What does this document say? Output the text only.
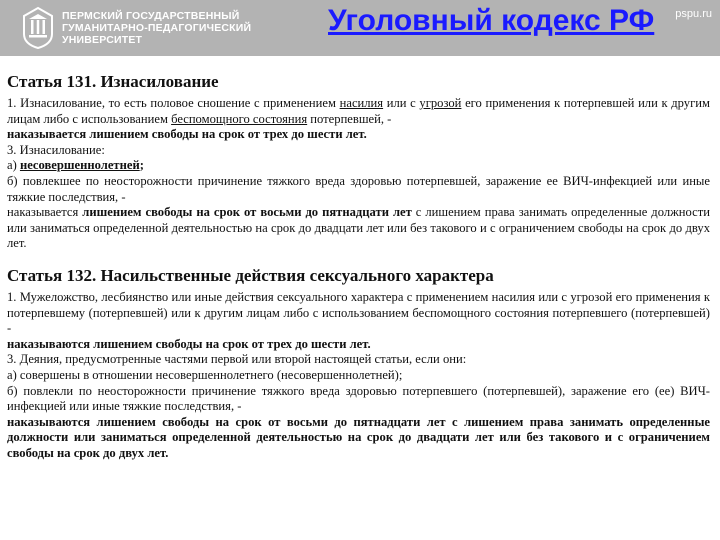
ПЕРМСКИЙ ГОСУДАРСТВЕННЫЙ
ГУМАНИТАРНО-ПЕДАГОГИЧЕСКИЙ
УНИВЕРСИТЕТ
Уголовный кодекс РФ pspu.ru
Статья 131. Изнасилование

1. Изнасилование, то есть половое сношение с применением насилия или с угрозой его применения к потерпевшей или к другим лицам либо с использованием беспомощного состояния потерпевшей, -

наказывается лишением свободы на срок от трех до шести лет.

3. Изнасилование:

а) несовершеннолетней;

б) повлекшее по неосторожности причинение тяжкого вреда здоровью потерпевшей, заражение ее ВИЧ-инфекцией или иные тяжкие последствия, -

наказывается лишением свободы на срок от восьми до пятнадцати лет с лишением права занимать определенные должности или заниматься определенной деятельностью на срок до двадцати лет или без такового и с ограничением свободы на срок до двух лет.

Статья 132. Насильственные действия сексуального характера

1. Мужеложство, лесбиянство или иные действия сексуального характера с применением насилия или с угрозой его применения к потерпевшему (потерпевшей) или к другим лицам либо с использованием беспомощного состояния потерпевшего (потерпевшей) -

наказываются лишением свободы на срок от трех до шести лет.

3. Деяния, предусмотренные частями первой или второй настоящей статьи, если они:

а) совершены в отношении несовершеннолетнего (несовершеннолетней);

б) повлекли по неосторожности причинение тяжкого вреда здоровью потерпевшего (потерпевшей), заражение его (ее) ВИЧ-инфекцией или иные тяжкие последствия, -

наказываются лишением свободы на срок от восьми до пятнадцати лет с лишением права занимать определенные должности или заниматься определенной деятельностью на срок до двадцати лет или без такового и с ограничением свободы на срок до двух лет.
